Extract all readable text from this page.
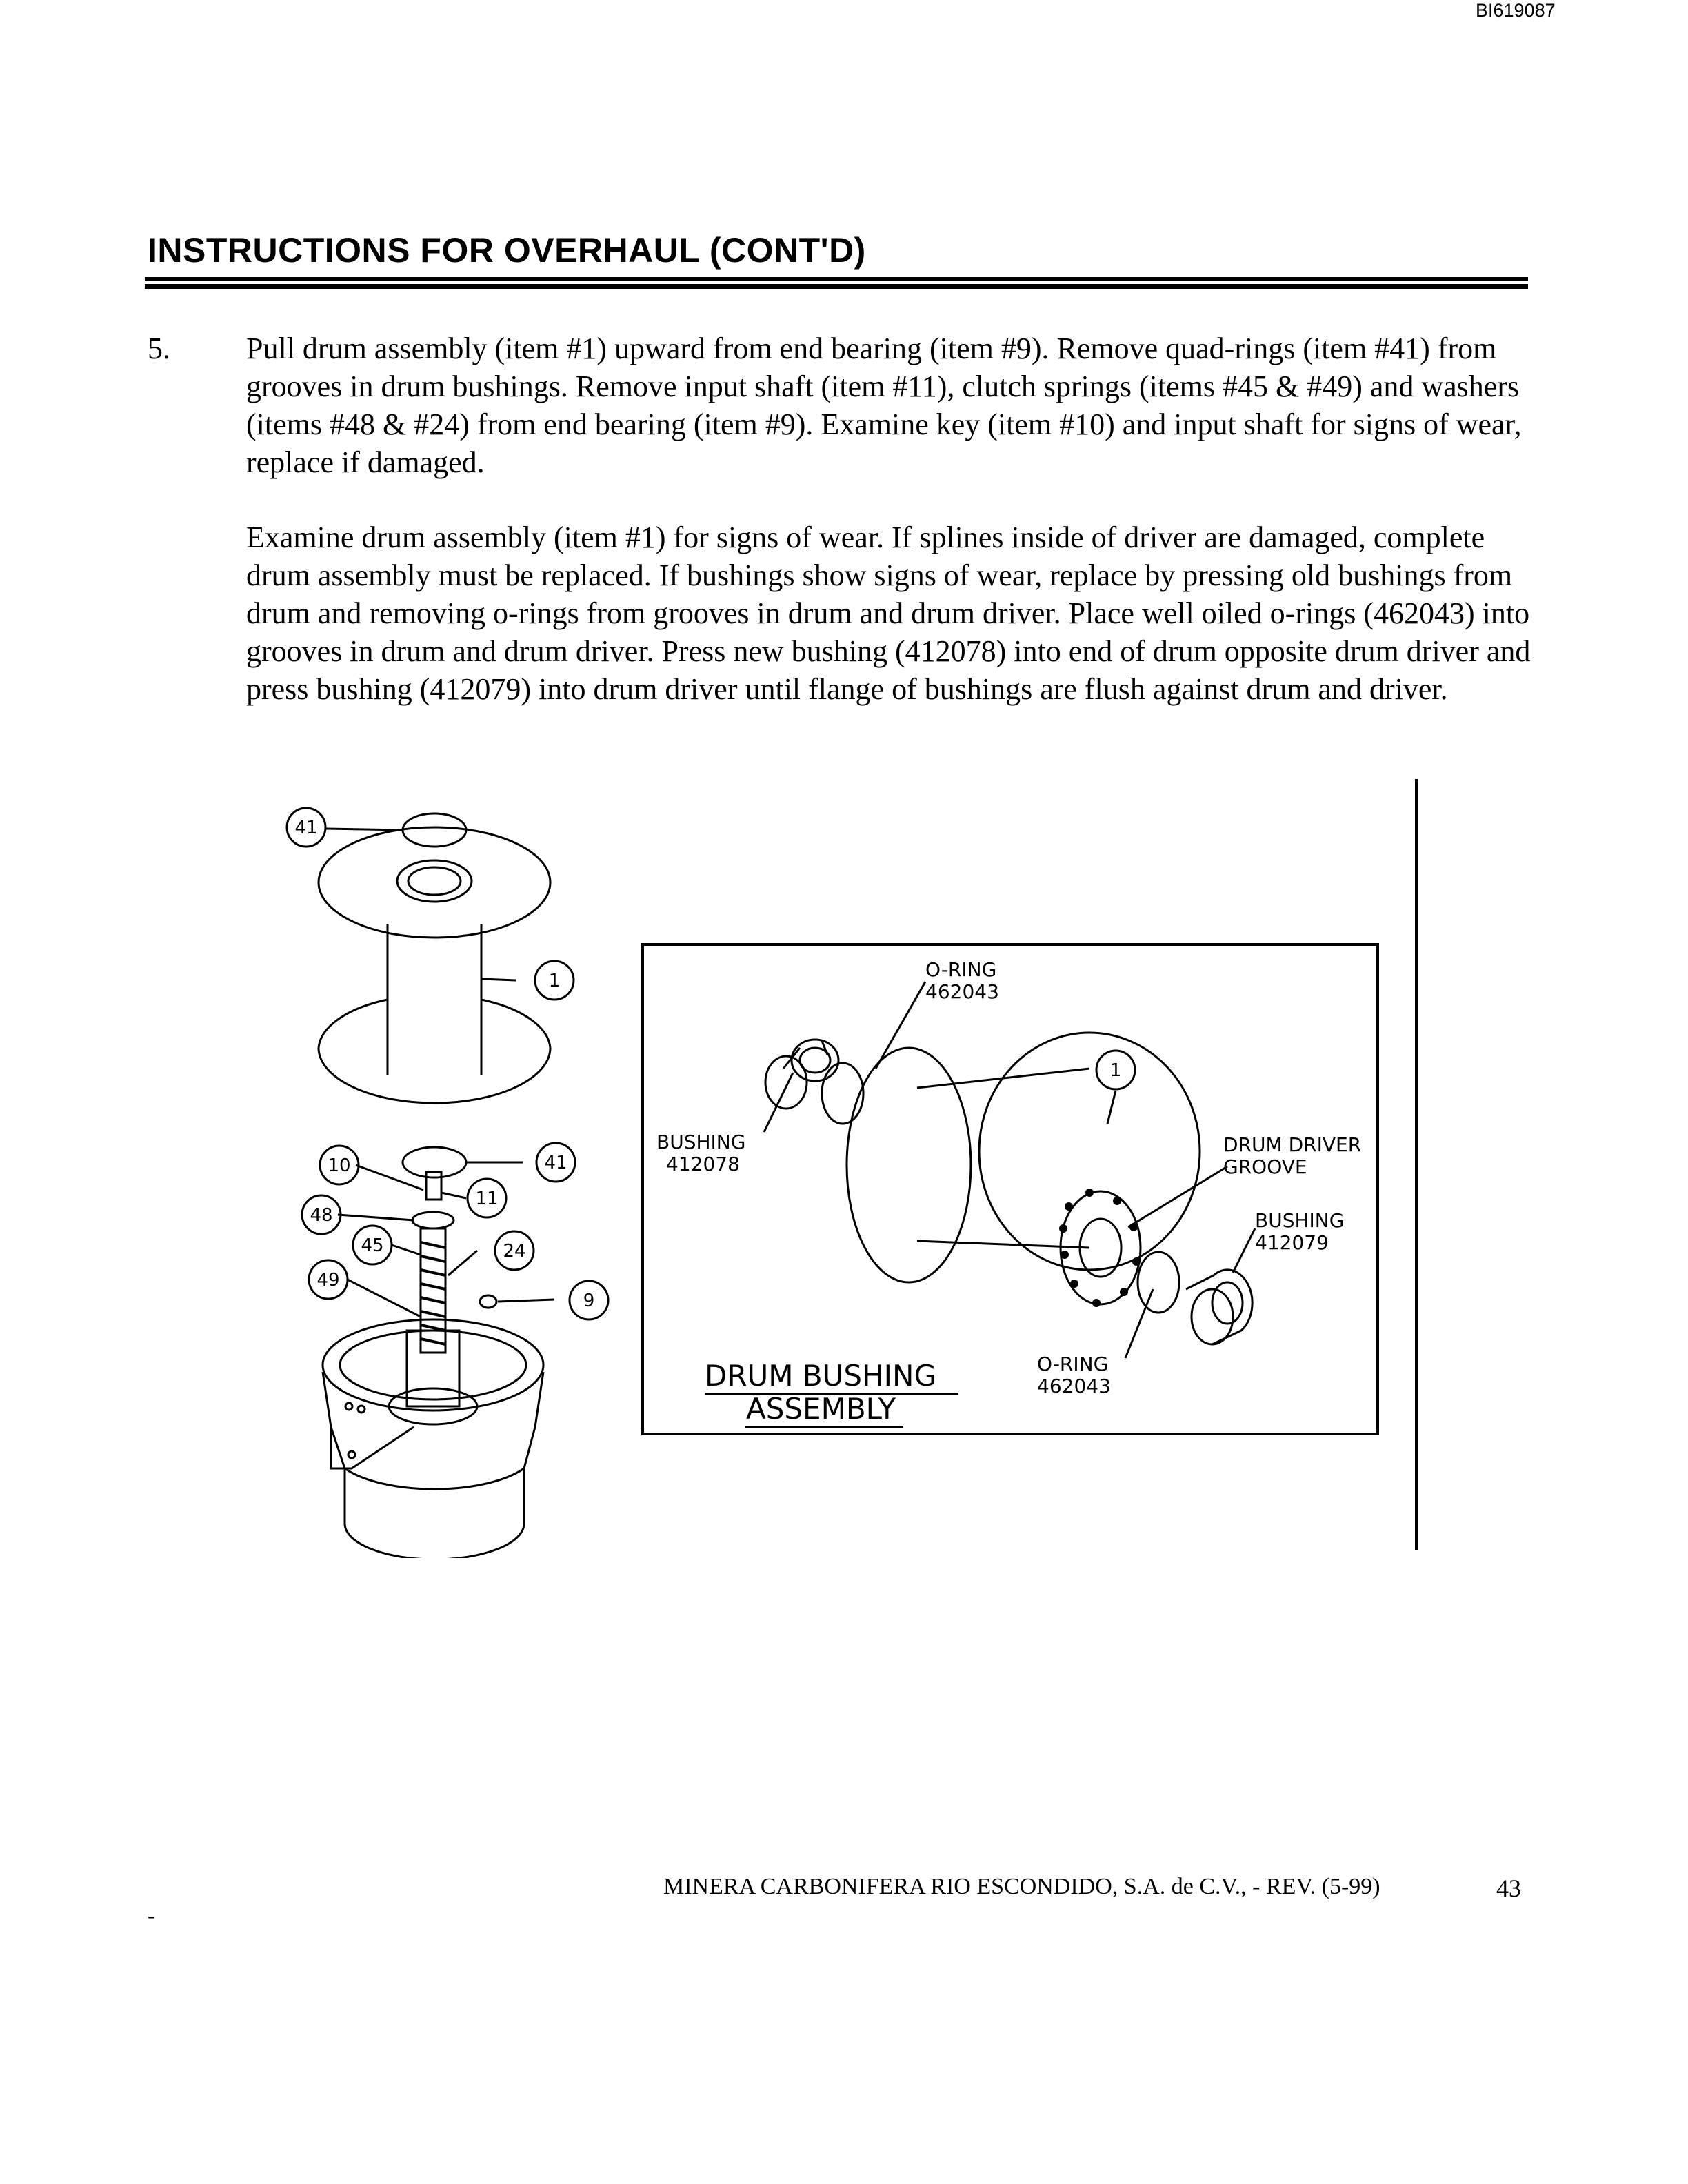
BI619087
INSTRUCTIONS FOR OVERHAUL (CONT'D)
5.	Pull drum assembly (item #1) upward from end bearing (item #9). Remove quad-rings (item #41) from grooves in drum bushings. Remove input shaft (item #11), clutch springs (items #45 & #49) and washers (items #48 & #24) from end bearing (item #9). Examine key (item #10) and input shaft for signs of wear, replace if damaged.
Examine drum assembly (item #1) for signs of wear. If splines inside of driver are damaged, complete drum assembly must be replaced. If bushings show signs of wear, replace by pressing old bushings from drum and removing o-rings from grooves in drum and drum driver. Place well oiled o-rings (462043) into grooves in drum and drum driver. Press new bushing (412078) into end of drum opposite drum driver and press bushing (412079) into drum driver until flange of bushings are flush against drum and driver.
41
1
10	41
11
48
45	24
49
9
1
O-RING
462043
BUSHING
412078
DRUM DRIVER
GROOVE
BUSHING
412079
O-RING
462043
DRUM BUSHING
ASSEMBLY
MINERA CARBONIFERA RIO ESCONDIDO, S.A. de C.V., - REV. (5-99)	43
-
